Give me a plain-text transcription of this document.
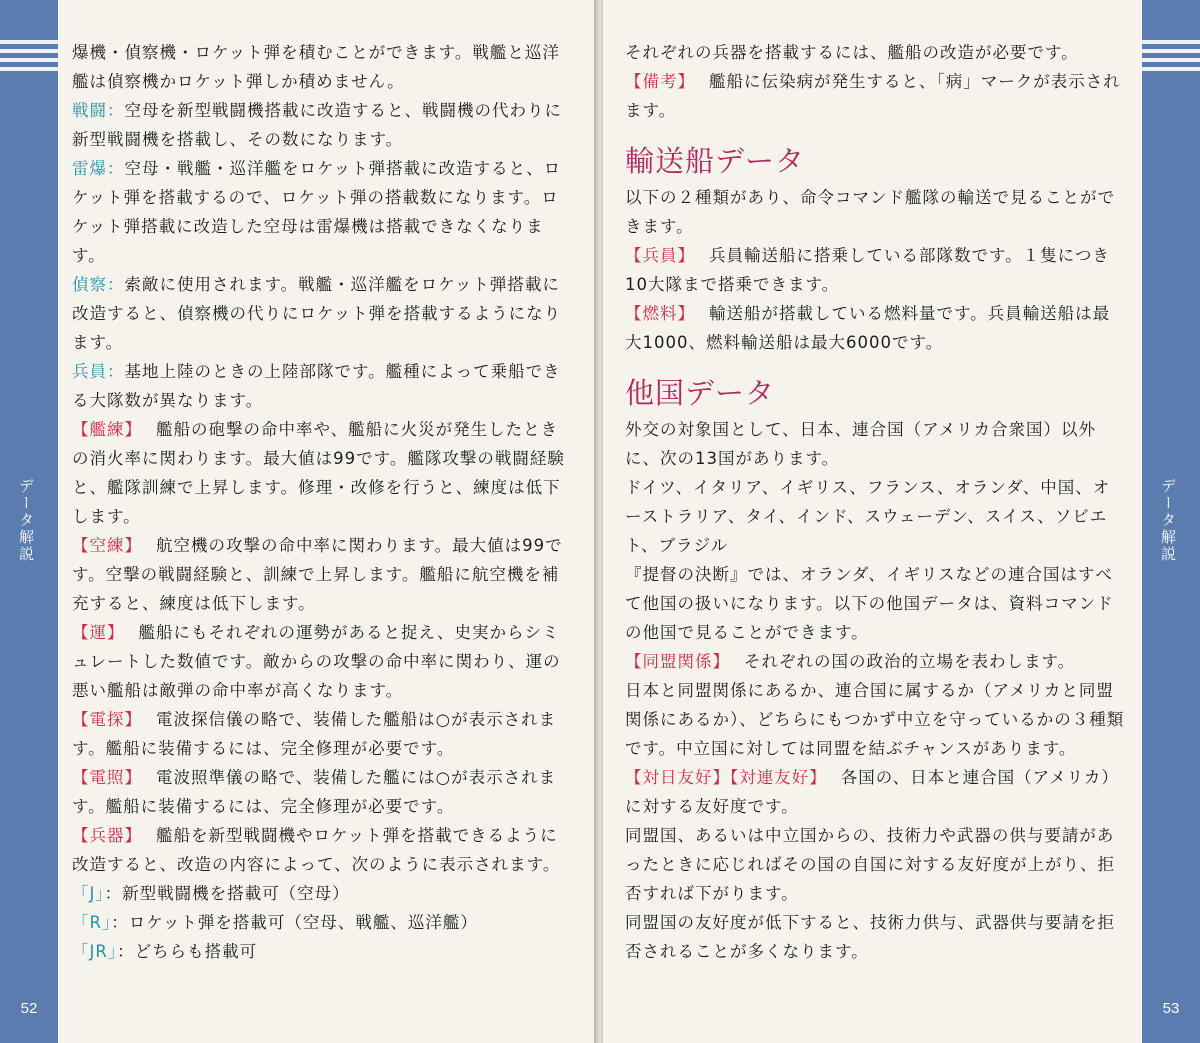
データ解説
52

爆機・偵察機・ロケット弾を積むことができます。戦艦と巡洋艦は偵察機かロケット弾しか積めません。

戦闘：空母を新型戦闘機搭載に改造すると、戦闘機の代わりに新型戦闘機を搭載し、その数になります。

雷爆：空母・戦艦・巡洋艦をロケット弾搭載に改造すると、ロケット弾を搭載するので、ロケット弾の搭載数になります。ロケット弾搭載に改造した空母は雷爆機は搭載できなくなります。

偵察：索敵に使用されます。戦艦・巡洋艦をロケット弾搭載に改造すると、偵察機の代りにロケット弾を搭載するようになります。

兵員：基地上陸のときの上陸部隊です。艦種によって乗船できる大隊数が異なります。

【艦練】 艦船の砲撃の命中率や、艦船に火災が発生したときの消火率に関わります。最大値は99です。艦隊攻撃の戦闘経験と、艦隊訓練で上昇します。修理・改修を行うと、練度は低下します。

【空練】 航空機の攻撃の命中率に関わります。最大値は99です。空撃の戦闘経験と、訓練で上昇します。艦船に航空機を補充すると、練度は低下します。

【運】 艦船にもそれぞれの運勢があると捉え、史実からシミュレートした数値です。敵からの攻撃の命中率に関わり、運の悪い艦船は敵弾の命中率が高くなります。

【電探】 電波探信儀の略で、装備した艦船は○が表示されます。艦船に装備するには、完全修理が必要です。

【電照】 電波照準儀の略で、装備した艦には○が表示されます。艦船に装備するには、完全修理が必要です。

【兵器】 艦船を新型戦闘機やロケット弾を搭載できるように改造すると、改造の内容によって、次のように表示されます。

「J」：新型戦闘機を搭載可（空母）

「R」：ロケット弾を搭載可（空母、戦艦、巡洋艦）

「JR」：どちらも搭載可

データ解説
53

それぞれの兵器を搭載するには、艦船の改造が必要です。

【備考】 艦船に伝染病が発生すると、「病」マークが表示されます。

輸送船データ

以下の２種類があり、命令コマンド艦隊の輸送で見ることができます。

【兵員】 兵員輸送船に搭乗している部隊数です。１隻につき10大隊まで搭乗できます。

【燃料】 輸送船が搭載している燃料量です。兵員輸送船は最大1000、燃料輸送船は最大6000です。

他国データ

外交の対象国として、日本、連合国（アメリカ合衆国）以外に、次の13国があります。

ドイツ、イタリア、イギリス、フランス、オランダ、中国、オーストラリア、タイ、インド、スウェーデン、スイス、ソビエト、ブラジル

『提督の決断』では、オランダ、イギリスなどの連合国はすべて他国の扱いになります。以下の他国データは、資料コマンドの他国で見ることができます。

【同盟関係】 それぞれの国の政治的立場を表わします。

日本と同盟関係にあるか、連合国に属するか（アメリカと同盟関係にあるか）、どちらにもつかず中立を守っているかの３種類です。中立国に対しては同盟を結ぶチャンスがあります。

【対日友好】【対連友好】 各国の、日本と連合国（アメリカ）に対する友好度です。

同盟国、あるいは中立国からの、技術力や武器の供与要請があったときに応じればその国の自国に対する友好度が上がり、拒否すれば下がります。

同盟国の友好度が低下すると、技術力供与、武器供与要請を拒否されることが多くなります。
